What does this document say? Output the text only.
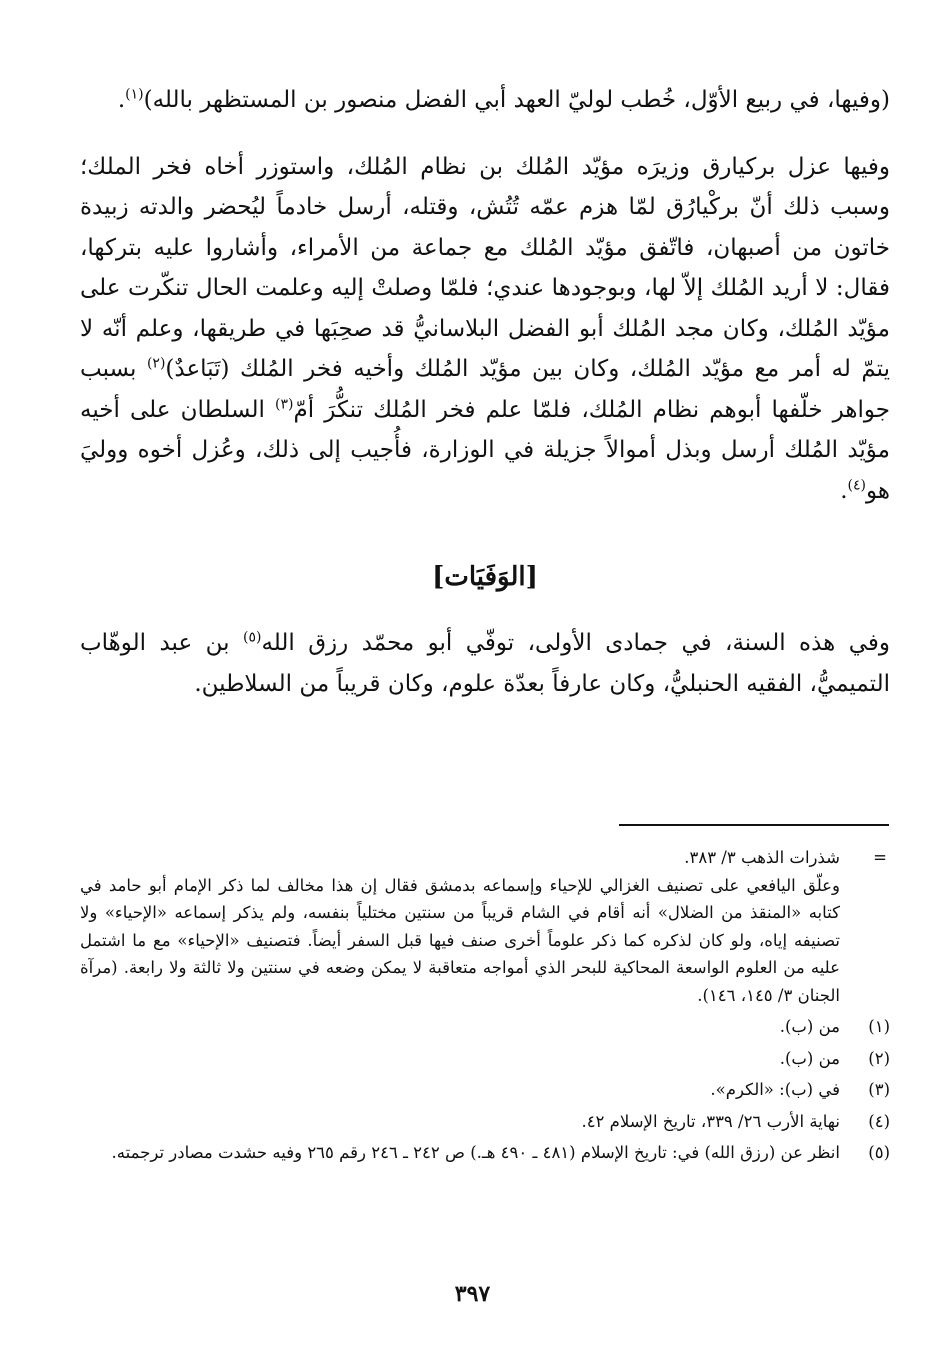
(وفيها، في ربيع الأوّل، خُطب لوليّ العهد أبي الفضل منصور بن المستظهر بالله)$^{(١)}$.

وفيها عزل بركيارق وزيرَه مؤيّد المُلك بن نظام المُلك، واستوزر أخاه فخر الملك؛ وسبب ذلك أنّ بركْيارُق لمّا هزم عمّه تُتُش، وقتله، أرسل خادماً ليُحضر والدته زبيدة خاتون من أصبهان، فاتّفق مؤيّد المُلك مع جماعة من الأمراء، وأشاروا عليه بتركها، فقال: لا أريد المُلك إلاّ لها، وبوجودها عندي؛ فلمّا وصلتْ إليه وعلمت الحال تنكّرت على مؤيّد المُلك، وكان مجد المُلك أبو الفضل البلاسانيُّ قد صحِبَها في طريقها، وعلم أنّه لا يتمّ له أمر مع مؤيّد المُلك، وكان بين مؤيّد المُلك وأخيه فخر المُلك (تَبَاعدٌ)$^{(٢)}$ بسبب جواهر خلّفها أبوهم نظام المُلك، فلمّا علم فخر المُلك تنكُّرَ أمّ$^{(٣)}$ السلطان على أخيه مؤيّد المُلك أرسل وبذل أموالاً جزيلة في الوزارة، فأُجيب إلى ذلك، وعُزل أخوه ووليَ هو$^{(٤)}$.

[الوَفَيَات]

وفي هذه السنة، في جمادى الأولى، توفّي أبو محمّد رزق الله$^{(٥)}$ بن عبد الوهّاب التميميُّ، الفقيه الحنبليُّ، وكان عارفاً بعدّة علوم، وكان قريباً من السلاطين.

=

شذرات الذهب ٣/ ٣٨٣.

وعلّق اليافعي على تصنيف الغزالي للإحياء وإسماعه بدمشق فقال إن هذا مخالف لما ذكر الإمام أبو حامد في كتابه «المنقذ من الضلال» أنه أقام في الشام قريباً من سنتين مختلياً بنفسه، ولم يذكر إسماعه «الإحياء» ولا تصنيفه إياه، ولو كان لذكره كما ذكر علوماً أخرى صنف فيها قبل السفر أيضاً. فتصنيف «الإحياء» مع ما اشتمل عليه من العلوم الواسعة المحاكية للبحر الذي أمواجه متعاقبة لا يمكن وضعه في سنتين ولا ثالثة ولا رابعة. (مرآة الجنان ٣/ ١٤٥، ١٤٦).

(١)
من (ب).
(٢)
من (ب).
(٣)
في (ب): «الكرم».
(٤)
نهاية الأرب ٢٦/ ٣٣٩، تاريخ الإسلام ٤٢.
(٥)
انظر عن (رزق الله) في: تاريخ الإسلام (٤٨١ ـ ٤٩٠ هـ.) ص ٢٤٢ ـ ٢٤٦ رقم ٢٦٥ وفيه حشدت مصادر ترجمته.
٣٩٧
